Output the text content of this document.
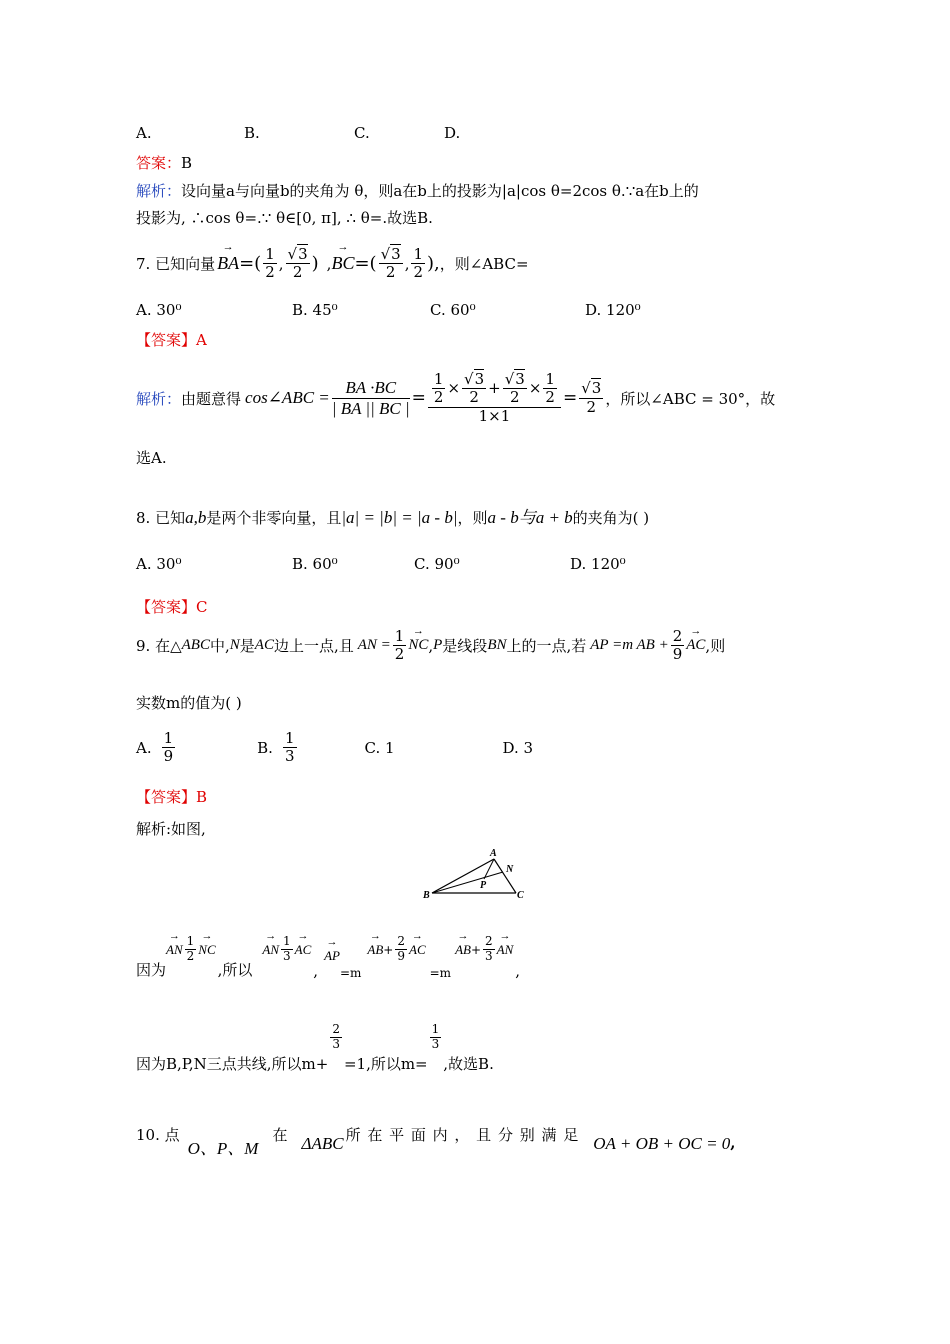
A.	B.	C.	D.
答案：B
解析：设向量a与向量b的夹角为 θ，则a在b上的投影为|a|cos θ=2cos θ.∵a在b上的
投影为, ∴cos θ=.∵ θ∈[0, π], ∴ θ=.故选B.
7. 已知向量 → BA =( $\frac{1}{2}$ , $\frac{√3}{2}$ ) , → BC =( $\frac{√3}{2}$ , $\frac{1}{2}$ ), ，则∠ABC=
A. 30⁰	B. 45⁰	C. 60⁰	D. 120⁰
【答案】A
解析： 由题意得 cos∠ABC = $\frac{BA \cdot BC}{| BA || BC |} = \frac{\frac{1}{2} \times \frac{√3}{2} + \frac{√3}{2} \times \frac{1}{2}}{1\times 1} = \frac{√3}{2}$ ，所以∠ABC = 30°，故
选A.
8. 已知a,b是两个非零向量，且|a| = |b| = |a - b|，则a - b与a + b的夹角为( )
A. 30⁰	B. 60⁰	C. 90⁰	D. 120⁰
【答案】C
9. 在△ ABC 中, N 是 AC 边上一点,且 AN = $\frac{1}{2}$ → NC , P 是线段 BN 上的一点,若 AP =m AB + $\frac{2}{9}$ → AC ,则
实数m的值为( )
A. $\frac{1}{9}$	B. $\frac{1}{3}$	C. 1	D. 3
【答案】B
解析:如图,
A
N
P
B	C
因为
→ AN $\frac{1}{2}$ → NC
,所以
→ AN $\frac{1}{3}$ → AC
,
→ AP
=m
→ AB + $\frac{2}{9}$ → AC
=m
→ AB + $\frac{2}{3}$ → AN
,
因为B,P,N三点共线,所以m+
$\frac{2}{3}$
=1,所以m=
$\frac{1}{3}$
,故选B.
10. 点
O、P、M
在 ΔABC 所 在 平 面 内 ， 且 分 别 满 足 OA + OB + OC = 0 ,
